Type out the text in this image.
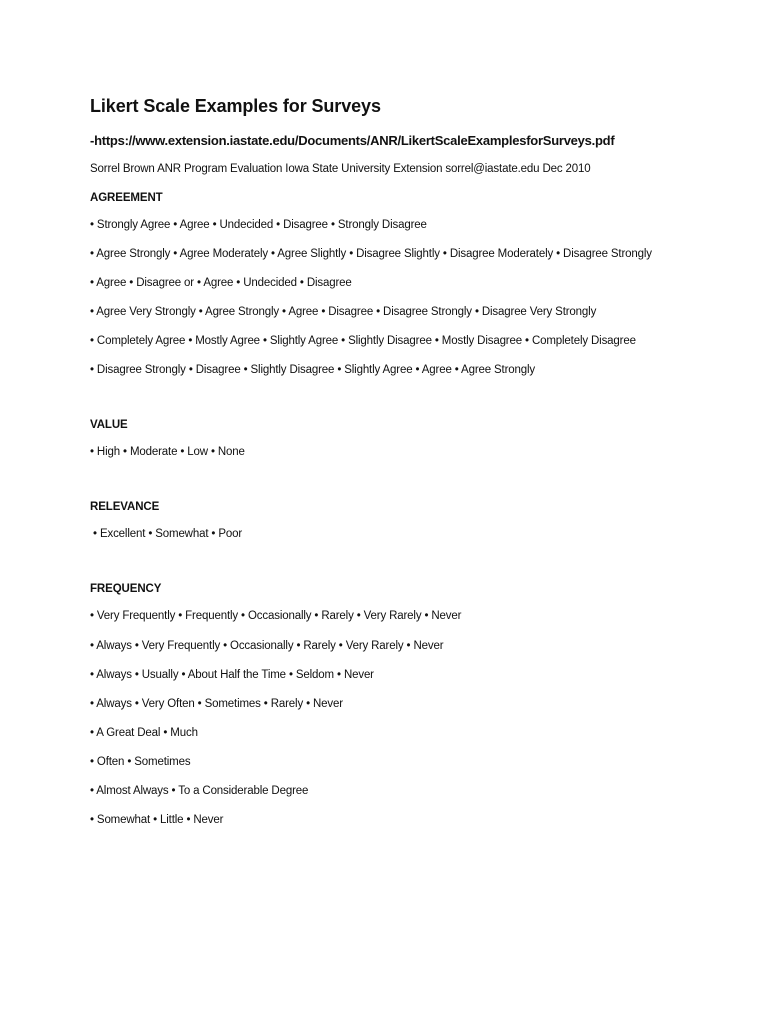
Likert Scale Examples for Surveys
-https://www.extension.iastate.edu/Documents/ANR/LikertScaleExamplesforSurveys.pdf
Sorrel Brown ANR Program Evaluation Iowa State University Extension sorrel@iastate.edu Dec 2010
AGREEMENT
• Strongly Agree • Agree • Undecided • Disagree • Strongly Disagree
• Agree Strongly • Agree Moderately • Agree Slightly • Disagree Slightly • Disagree Moderately • Disagree Strongly
• Agree • Disagree or • Agree • Undecided • Disagree
• Agree Very Strongly • Agree Strongly • Agree • Disagree • Disagree Strongly • Disagree Very Strongly
• Completely Agree • Mostly Agree • Slightly Agree • Slightly Disagree • Mostly Disagree • Completely Disagree
• Disagree Strongly • Disagree • Slightly Disagree • Slightly Agree • Agree • Agree Strongly
VALUE
• High • Moderate • Low • None
RELEVANCE
• Excellent • Somewhat • Poor
FREQUENCY
• Very Frequently • Frequently • Occasionally • Rarely • Very Rarely • Never
• Always • Very Frequently • Occasionally • Rarely • Very Rarely • Never
• Always • Usually • About Half the Time • Seldom • Never
• Always • Very Often • Sometimes • Rarely • Never
• A Great Deal • Much
• Often • Sometimes
• Almost Always • To a Considerable Degree
• Somewhat • Little • Never
